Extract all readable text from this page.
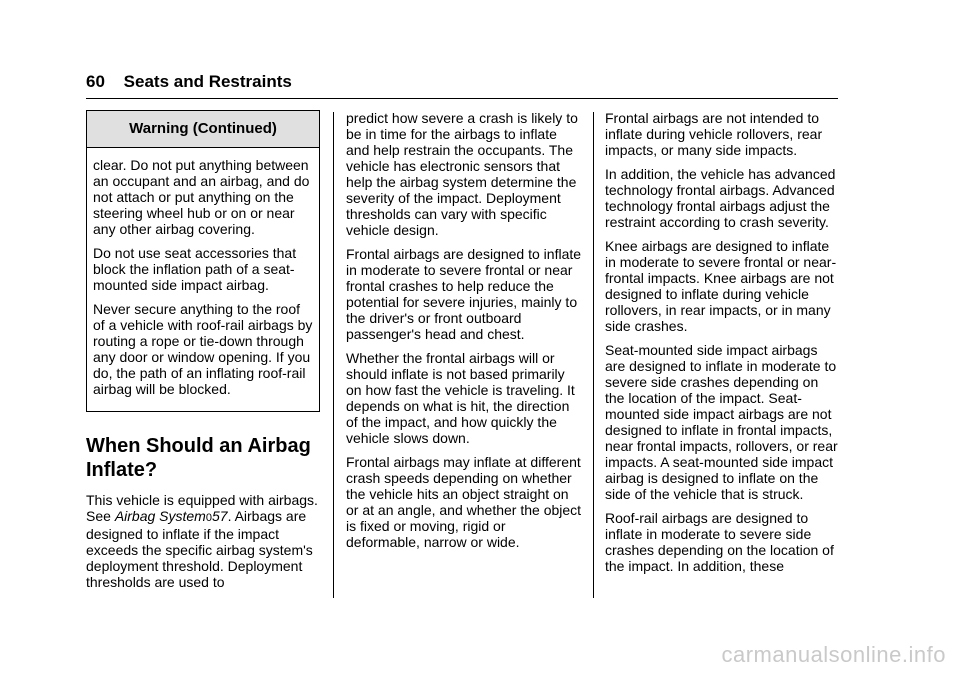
60 Seats and Restraints
Warning (Continued)

clear. Do not put anything between an occupant and an airbag, and do not attach or put anything on the steering wheel hub or on or near any other airbag covering.

Do not use seat accessories that block the inflation path of a seat-mounted side impact airbag.

Never secure anything to the roof of a vehicle with roof-rail airbags by routing a rope or tie-down through any door or window opening. If you do, the path of an inflating roof-rail airbag will be blocked.

When Should an Airbag Inflate?

This vehicle is equipped with airbags. See Airbag System057. Airbags are designed to inflate if the impact exceeds the specific airbag system's deployment threshold. Deployment thresholds are used to

predict how severe a crash is likely to be in time for the airbags to inflate and help restrain the occupants. The vehicle has electronic sensors that help the airbag system determine the severity of the impact. Deployment thresholds can vary with specific vehicle design.

Frontal airbags are designed to inflate in moderate to severe frontal or near frontal crashes to help reduce the potential for severe injuries, mainly to the driver's or front outboard passenger's head and chest.

Whether the frontal airbags will or should inflate is not based primarily on how fast the vehicle is traveling. It depends on what is hit, the direction of the impact, and how quickly the vehicle slows down.

Frontal airbags may inflate at different crash speeds depending on whether the vehicle hits an object straight on or at an angle, and whether the object is fixed or moving, rigid or deformable, narrow or wide.

Frontal airbags are not intended to inflate during vehicle rollovers, rear impacts, or many side impacts.

In addition, the vehicle has advanced technology frontal airbags. Advanced technology frontal airbags adjust the restraint according to crash severity.

Knee airbags are designed to inflate in moderate to severe frontal or near-frontal impacts. Knee airbags are not designed to inflate during vehicle rollovers, in rear impacts, or in many side crashes.

Seat-mounted side impact airbags are designed to inflate in moderate to severe side crashes depending on the location of the impact. Seat-mounted side impact airbags are not designed to inflate in frontal impacts, near frontal impacts, rollovers, or rear impacts. A seat-mounted side impact airbag is designed to inflate on the side of the vehicle that is struck.

Roof-rail airbags are designed to inflate in moderate to severe side crashes depending on the location of the impact. In addition, these

carmanualsonline.info
